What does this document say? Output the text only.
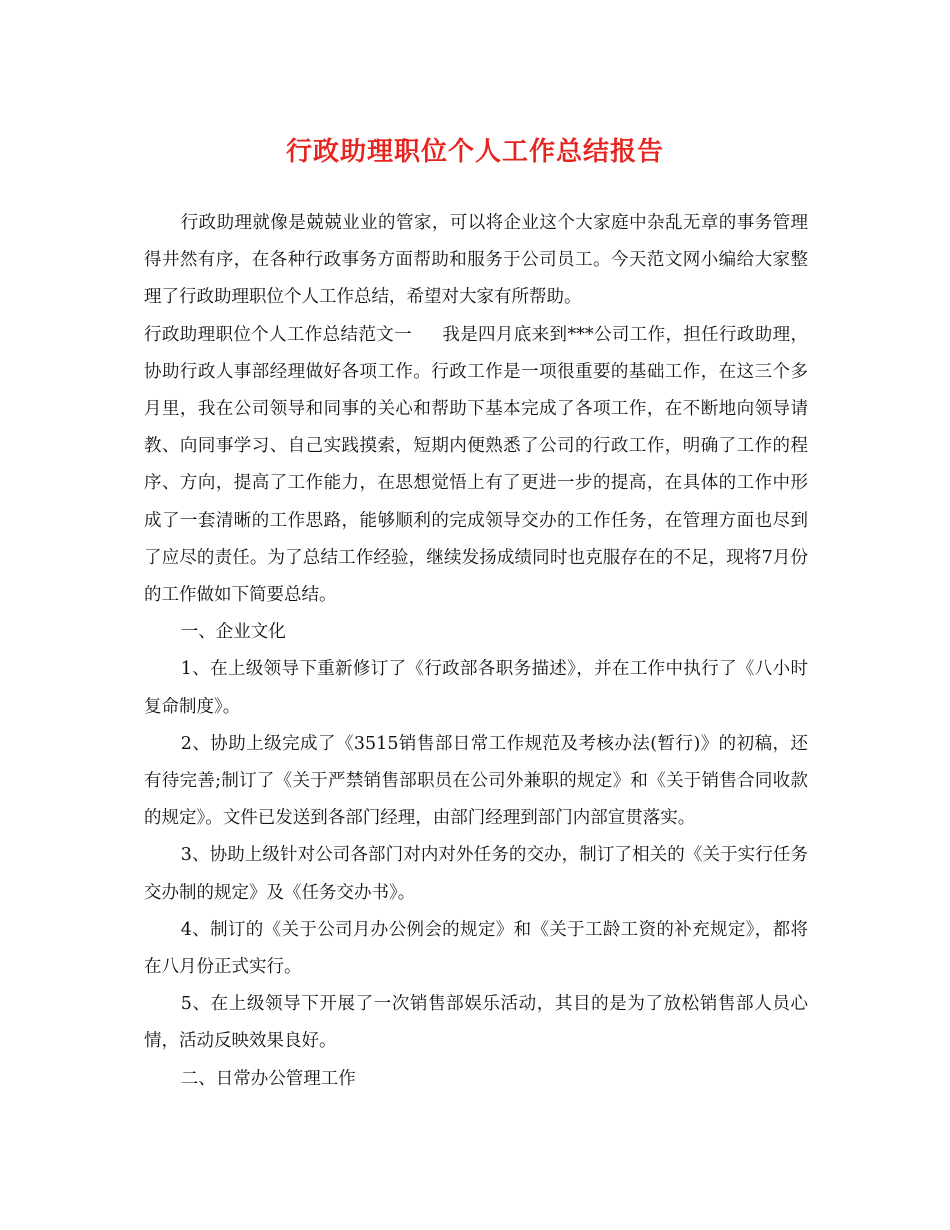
行政助理职位个人工作总结报告

行政助理就像是兢兢业业的管家，可以将企业这个大家庭中杂乱无章的事务管理得井然有序，在各种行政事务方面帮助和服务于公司员工。今天范文网小编给大家整理了行政助理职位个人工作总结，希望对大家有所帮助。

行政助理职位个人工作总结范文一 我是四月底来到***公司工作，担任行政助理，协助行政人事部经理做好各项工作。行政工作是一项很重要的基础工作，在这三个多月里，我在公司领导和同事的关心和帮助下基本完成了各项工作，在不断地向领导请教、向同事学习、自己实践摸索，短期内便熟悉了公司的行政工作，明确了工作的程序、方向，提高了工作能力，在思想觉悟上有了更进一步的提高，在具体的工作中形成了一套清晰的工作思路，能够顺利的完成领导交办的工作任务，在管理方面也尽到了应尽的责任。为了总结工作经验，继续发扬成绩同时也克服存在的不足，现将7月份的工作做如下简要总结。

一、企业文化

1、在上级领导下重新修订了《行政部各职务描述》，并在工作中执行了《八小时复命制度》。

2、协助上级完成了《3515销售部日常工作规范及考核办法(暂行)》的初稿，还有待完善;制订了《关于严禁销售部职员在公司外兼职的规定》和《关于销售合同收款的规定》。文件已发送到各部门经理，由部门经理到部门内部宣贯落实。

3、协助上级针对公司各部门对内对外任务的交办，制订了相关的《关于实行任务交办制的规定》及《任务交办书》。

4、制订的《关于公司月办公例会的规定》和《关于工龄工资的补充规定》，都将在八月份正式实行。

5、在上级领导下开展了一次销售部娱乐活动，其目的是为了放松销售部人员心情，活动反映效果良好。

二、日常办公管理工作
